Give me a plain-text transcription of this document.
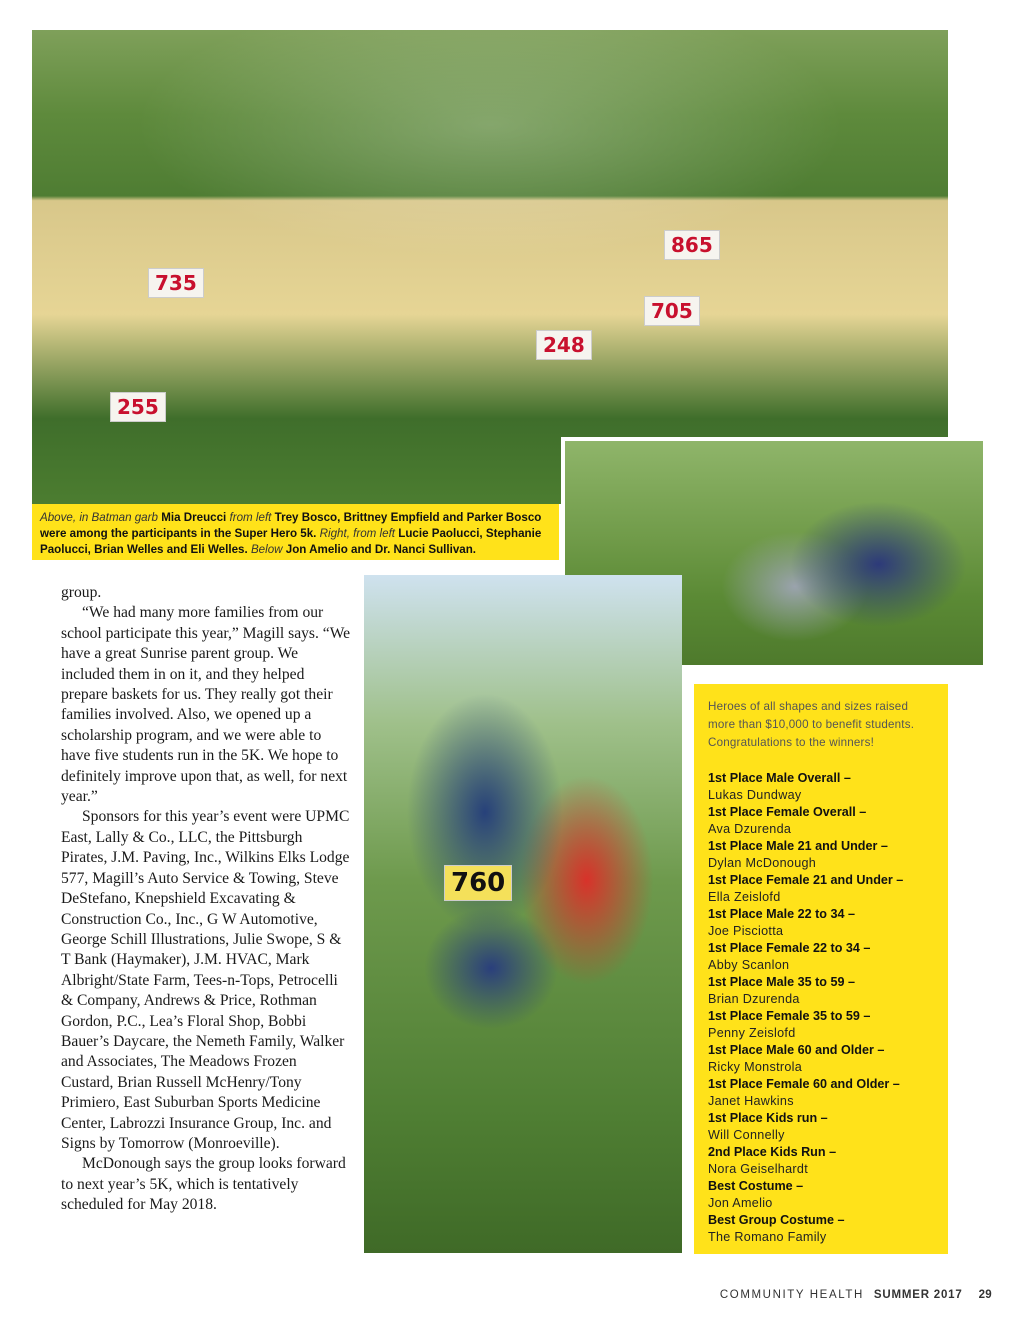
735
255
248
865
705
Above, in Batman garb Mia Dreucci from left Trey Bosco, Brittney Empfield and Parker Bosco were among the participants in the Super Hero 5k. Right, from left Lucie Paolucci, Stephanie Paolucci, Brian Welles and Eli Welles. Below Jon Amelio and Dr. Nanci Sullivan.
760

group.

“We had many more families from our school participate this year,” Magill says. “We have a great Sunrise parent group. We included them in on it, and they helped prepare baskets for us. They really got their families involved. Also, we opened up a scholarship program, and we were able to have five students run in the 5K. We hope to definitely improve upon that, as well, for next year.”

Sponsors for this year’s event were UPMC East, Lally & Co., LLC, the Pittsburgh Pirates, J.M. Paving, Inc., Wilkins Elks Lodge 577, Magill’s Auto Service & Towing, Steve DeStefano, Knepshield Excavating & Construction Co., Inc., G W Automotive, George Schill Illustrations, Julie Swope, S & T Bank (Haymaker), J.M. HVAC, Mark Albright/State Farm, Tees-n-Tops, Petrocelli & Company, Andrews & Price, Rothman Gordon, P.C., Lea’s Floral Shop, Bobbi Bauer’s Daycare, the Nemeth Family, Walker and Associates, The Meadows Frozen Custard, Brian Russell McHenry/Tony Primiero, East Suburban Sports Medicine Center, Labrozzi Insurance Group, Inc. and Signs by Tomorrow (Monroeville).

McDonough says the group looks forward to next year’s 5K, which is tentatively scheduled for May 2018.

Heroes of all shapes and sizes raised more than $10,000 to benefit students. Congratulations to the winners!
1st Place Male Overall –
Lukas Dundway
1st Place Female Overall –
Ava Dzurenda
1st Place Male 21 and Under –
Dylan McDonough
1st Place Female 21 and Under –
Ella Zeislofd
1st Place Male 22 to 34 –
Joe Pisciotta
1st Place Female 22 to 34 –
Abby Scanlon
1st Place Male 35 to 59 –
Brian Dzurenda
1st Place Female 35 to 59 –
Penny Zeislofd
1st Place Male 60 and Older –
Ricky Monstrola
1st Place Female 60 and Older –
Janet Hawkins
1st Place Kids run –
Will Connelly
2nd Place Kids Run –
Nora Geiselhardt
Best Costume –
Jon Amelio
Best Group Costume –
The Romano Family
COMMUNITY HEALTH SUMMER 2017 29
